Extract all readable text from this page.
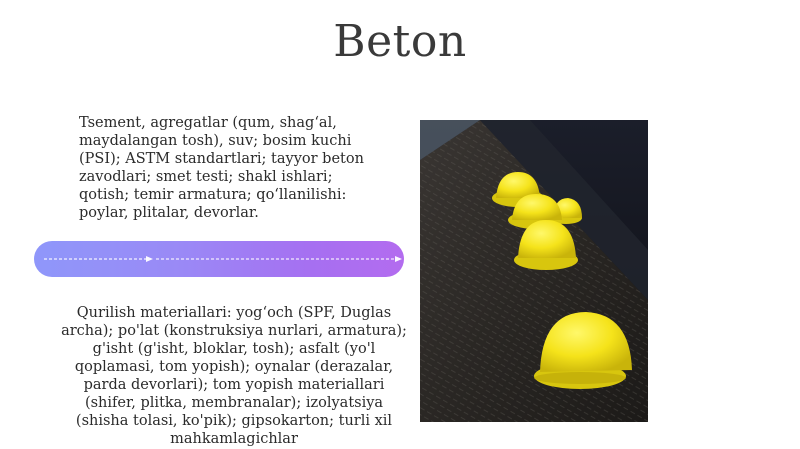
Beton
Tsement, agregatlar (qum, shag‘al, maydalangan tosh), suv; bosim kuchi (PSI); ASTM standartlari; tayyor beton zavodlari; smet testi; shakl ishlari; qotish; temir armatura; qo‘llanilishi: poylar, plitalar, devorlar.
Qurilish materiallari: yog‘och (SPF, Duglas archa); po'lat (konstruksiya nurlari, armatura); g'isht (g'isht, bloklar, tosh); asfalt (yo'l qoplamasi, tom yopish); oynalar (derazalar, parda devorlari); tom yopish materiallari (shifer, plitka, membranalar); izolyatsiya (shisha tolasi, ko'pik); gipsokarton; turli xil mahkamlagichlar
